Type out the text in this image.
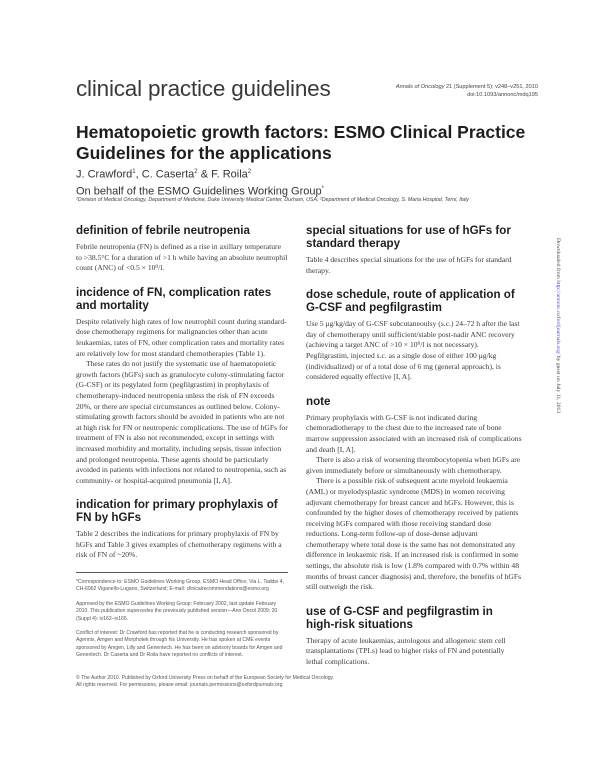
clinical practice guidelines	Annals of Oncology 21 (Supplement 5): v248–v251, 2010
doi:10.1093/annonc/mdq195
Hematopoietic growth factors: ESMO Clinical Practice Guidelines for the applications
J. Crawford$^1$, C. Caserta$^2$ & F. Roila$^2$
On behalf of the ESMO Guidelines Working Group*
¹Division of Medical Oncology, Department of Medicine, Duke University Medical Center, Durham, USA; ²Department of Medical Oncology, S. Maria Hospital, Terni, Italy
definition of febrile neutropenia

Febrile neutropenia (FN) is defined as a rise in axillary temperature to >38.5°C for a duration of >1 h while having an absolute neutrophil count (ANC) of <0.5 × 10⁹/l.

incidence of FN, complication rates and mortality

Despite relatively high rates of low neutrophil count during standard-dose chemotherapy regimens for malignancies other than acute leukaemias, rates of FN, other complication rates and mortality rates are relatively low for most standard chemotherapies (Table 1).

These rates do not justify the systematic use of haematopoietic growth factors (hGFs) such as granulocyte colony-stimulating factor (G-CSF) or its pegylated form (pegfilgrastim) in prophylaxis of chemotherapy-induced neutropenia unless the risk of FN exceeds 20%, or there are special circumstances as outlined below. Colony-stimulating growth factors should be avoided in patients who are not at high risk for FN or neutropenic complications. The use of hGFs for treatment of FN is also not recommended, except in settings with increased morbidity and mortality, including sepsis, tissue infection and prolonged neutropenia. These agents should be particularly avoided in patients with infections not related to neutropenia, such as community- or hospital-acquired pneumonia [I, A].

indication for primary prophylaxis of FN by hGFs

Table 2 describes the indications for primary prophylaxis of FN by hGFs and Table 3 gives examples of chemotherapy regimens with a risk of FN of ~20%.

*Correspondence to: ESMO Guidelines Working Group, ESMO Head Office, Via L. Taddei 4, CH-6962 Viganello-Lugano, Switzerland; E-mail: clinicalrecommendations@esmo.org
Approved by the ESMO Guidelines Working Group: February 2002, last update February 2010. This publication supercedes the previously published version—Ann Oncol 2009; 20 (Suppl 4): iv162–iv165.
Conflict of interest: Dr Crawford has reported that he is conducting research sponsored by Agennix, Amgen and Morphotek through his University. He has spoken at CME events sponsored by Amgen, Lilly and Genentech. He has been on advisory boards for Amgen and Genentech. Dr Caserta and Dr Roila have reported no conflicts of interest.
special situations for use of hGFs for standard therapy

Table 4 describes special situations for the use of hGFs for standard therapy.

dose schedule, route of application of G-CSF and pegfilgrastim

Use 5 μg/kg/day of G-CSF subcutaneoulsy (s.c.) 24–72 h after the last day of chemotherapy until sufficient/stable post-nadir ANC recovery (achieving a target ANC of >10 × 10⁹/l is not necessary). Pegfilgrastim, injected s.c. as a single dose of either 100 μg/kg (individualized) or of a total dose of 6 mg (general approach), is considered equally effective [I, A].

note

Primary prophylaxis with G-CSF is not indicated during chemoradiotherapy to the chest due to the increased rate of bone marrow suppression associated with an increased risk of complications and death [I, A].

There is also a risk of worsening thrombocytopenia when hGFs are given immediately before or simultaneously with chemotherapy.

There is a possible risk of subsequent acute myeloid leukaemia (AML) or myelodysplastic syndrome (MDS) in women receiving adjuvant chemotherapy for breast cancer and hGFs. However, this is confounded by the higher doses of chemotherapy received by patients receiving hGFs compared with those receiving standard dose reductions. Long-term follow-up of dose-dense adjuvant chemotherapy where total dose is the same has not demonstrated any difference in leukaemic risk. If an increased risk is confirmed in some settings, the absolute risk is low (1.8% compared with 0.7% within 48 months of breast cancer diagnosis) and, therefore, the benefits of hGFs still outweigh the risk.

use of G-CSF and pegfilgrastim in high-risk situations

Therapy of acute leukaemias, autologous and allogeneic stem cell transplantations (TPLs) lead to higher risks of FN and potentially lethal complications.

© The Author 2010. Published by Oxford University Press on behalf of the European Society for Medical Oncology.
All rights reserved. For permissions, please email: journals.permissions@oxfordjournals.org
Downloaded from http://annonc.oxfordjournals.org/ by guest on July 11, 2013
